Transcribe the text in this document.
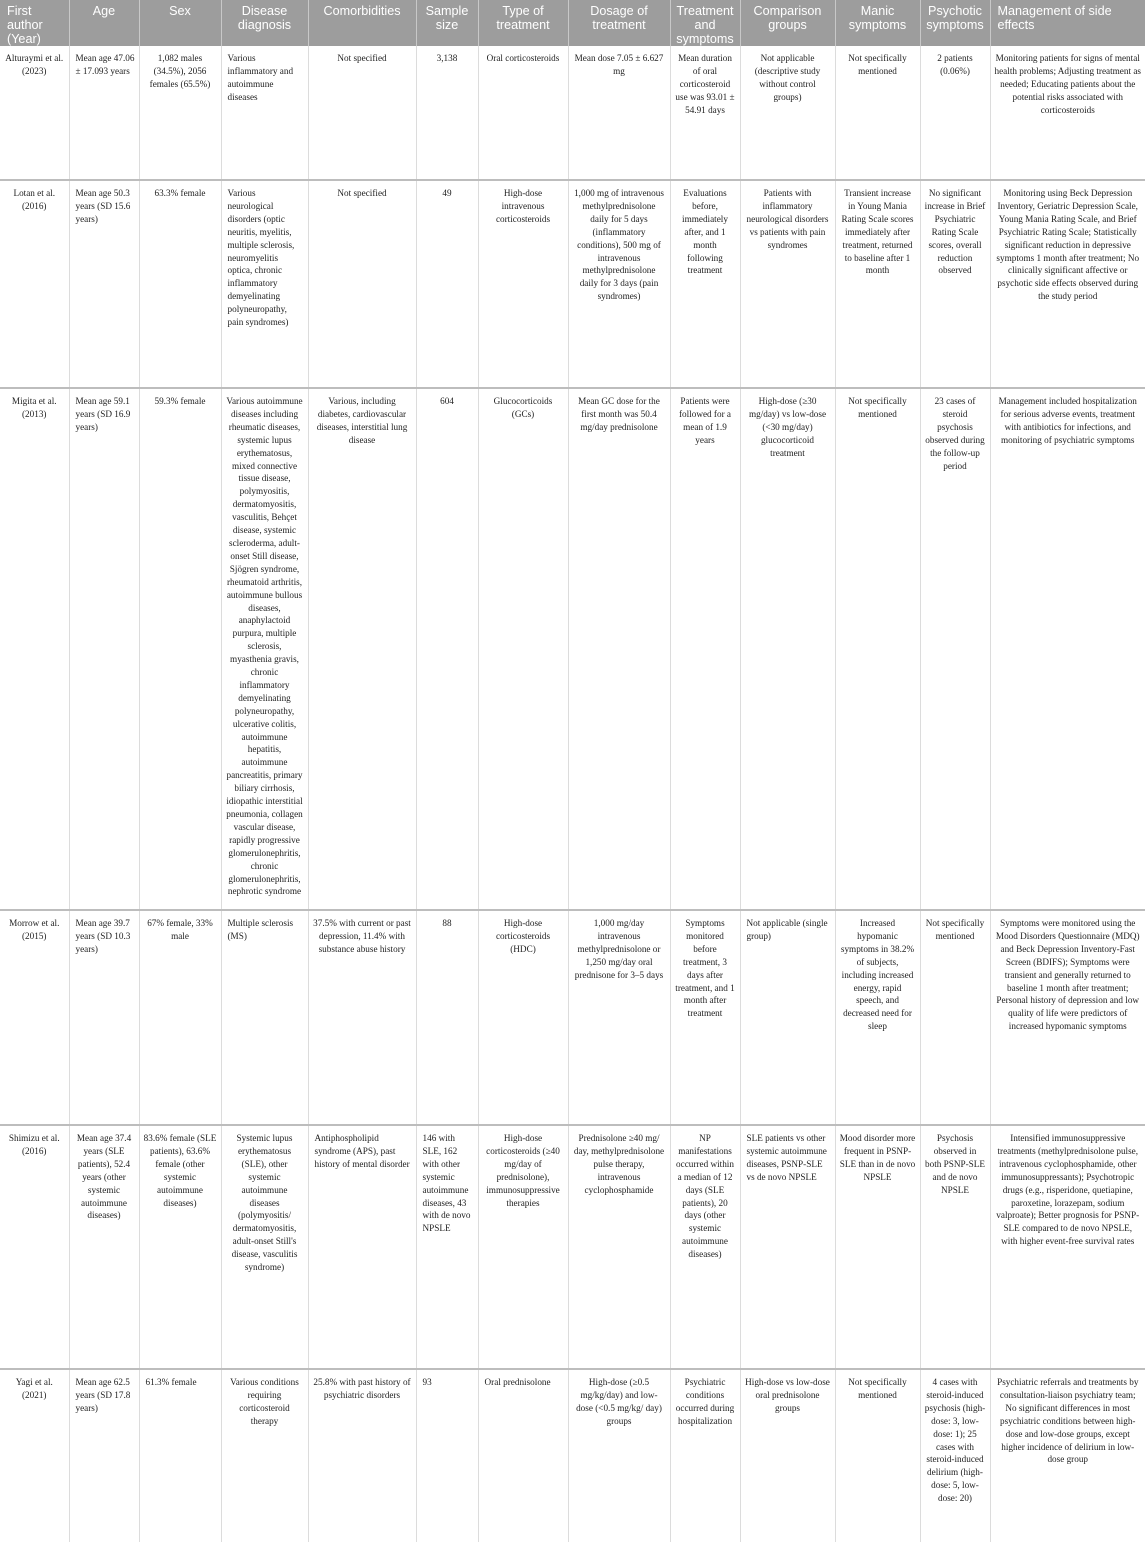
First author (Year)	Age	Sex	Disease diagnosis	Comorbidities	Sample size	Type of treatment	Dosage of treatment	Treatment and symptoms	Comparison groups	Manic symptoms	Psychotic symptoms	Management of side effects
Alturaymi et al. (2023)	Mean age 47.06 ± 17.093 years	1,082 males (34.5%), 2056 females (65.5%)	Various inflammatory and autoimmune diseases	Not specified	3,138	Oral corticosteroids	Mean dose 7.05 ± 6.627 mg	Mean duration of oral corticosteroid use was 93.01 ± 54.91 days	Not applicable (descriptive study without control groups)	Not specifically mentioned	2 patients (0.06%)	Monitoring patients for signs of mental health problems; Adjusting treatment as needed; Educating patients about the potential risks associated with corticosteroids
Lotan et al. (2016)	Mean age 50.3 years (SD 15.6 years)	63.3% female	Various neurological disorders (optic neuritis, myelitis, multiple sclerosis, neuromyelitis optica, chronic inflammatory demyelinating polyneuropathy, pain syndromes)	Not specified	49	High-dose intravenous corticosteroids	1,000 mg of intravenous methylprednisolone daily for 5 days (inflammatory conditions), 500 mg of intravenous methylprednisolone daily for 3 days (pain syndromes)	Evaluations before, immediately after, and 1 month following treatment	Patients with inflammatory neurological disorders vs patients with pain syndromes	Transient increase in Young Mania Rating Scale scores immediately after treatment, returned to baseline after 1 month	No significant increase in Brief Psychiatric Rating Scale scores, overall reduction observed	Monitoring using Beck Depression Inventory, Geriatric Depression Scale, Young Mania Rating Scale, and Brief Psychiatric Rating Scale; Statistically significant reduction in depressive symptoms 1 month after treatment; No clinically significant affective or psychotic side effects observed during the study period
Migita et al. (2013)	Mean age 59.1 years (SD 16.9 years)	59.3% female	Various autoimmune diseases including rheumatic diseases, systemic lupus erythematosus, mixed connective tissue disease, polymyositis, dermatomyositis, vasculitis, Behçet disease, systemic scleroderma, adult-onset Still disease, Sjögren syndrome, rheumatoid arthritis, autoimmune bullous diseases, anaphylactoid purpura, multiple sclerosis, myasthenia gravis, chronic inflammatory demyelinating polyneuropathy, ulcerative colitis, autoimmune hepatitis, autoimmune pancreatitis, primary biliary cirrhosis, idiopathic interstitial pneumonia, collagen vascular disease, rapidly progressive glomerulonephritis, chronic glomerulonephritis, nephrotic syndrome	Various, including diabetes, cardiovascular diseases, interstitial lung disease	604	Glucocorticoids (GCs)	Mean GC dose for the first month was 50.4 mg/day prednisolone	Patients were followed for a mean of 1.9 years	High-dose (≥30 mg/day) vs low-dose (<30 mg/day) glucocorticoid treatment	Not specifically mentioned	23 cases of steroid psychosis observed during the follow-up period	Management included hospitalization for serious adverse events, treatment with antibiotics for infections, and monitoring of psychiatric symptoms
Morrow et al. (2015)	Mean age 39.7 years (SD 10.3 years)	67% female, 33% male	Multiple sclerosis (MS)	37.5% with current or past depression, 11.4% with substance abuse history	88	High-dose corticosteroids (HDC)	1,000 mg/day intravenous methylprednisolone or 1,250 mg/day oral prednisone for 3–5 days	Symptoms monitored before treatment, 3 days after treatment, and 1 month after treatment	Not applicable (single group)	Increased hypomanic symptoms in 38.2% of subjects, including increased energy, rapid speech, and decreased need for sleep	Not specifically mentioned	Symptoms were monitored using the Mood Disorders Questionnaire (MDQ) and Beck Depression Inventory-Fast Screen (BDIFS); Symptoms were transient and generally returned to baseline 1 month after treatment; Personal history of depression and low quality of life were predictors of increased hypomanic symptoms
Shimizu et al. (2016)	Mean age 37.4 years (SLE patients), 52.4 years (other systemic autoimmune diseases)	83.6% female (SLE patients), 63.6% female (other systemic autoimmune diseases)	Systemic lupus erythematosus (SLE), other systemic autoimmune diseases (polymyositis/ dermatomyositis, adult-onset Still's disease, vasculitis syndrome)	Antiphospholipid syndrome (APS), past history of mental disorder	146 with SLE, 162 with other systemic autoimmune diseases, 43 with de novo NPSLE	High-dose corticosteroids (≥40 mg/day of prednisolone), immunosuppressive therapies	Prednisolone ≥40 mg/ day, methylprednisolone pulse therapy, intravenous cyclophosphamide	NP manifestations occurred within a median of 12 days (SLE patients), 20 days (other systemic autoimmune diseases)	SLE patients vs other systemic autoimmune diseases, PSNP-SLE vs de novo NPSLE	Mood disorder more frequent in PSNP-SLE than in de novo NPSLE	Psychosis observed in both PSNP-SLE and de novo NPSLE	Intensified immunosuppressive treatments (methylprednisolone pulse, intravenous cyclophosphamide, other immunosuppressants); Psychotropic drugs (e.g., risperidone, quetiapine, paroxetine, lorazepam, sodium valproate); Better prognosis for PSNP-SLE compared to de novo NPSLE, with higher event-free survival rates
Yagi et al. (2021)	Mean age 62.5 years (SD 17.8 years)	61.3% female	Various conditions requiring corticosteroid therapy	25.8% with past history of psychiatric disorders	93	Oral prednisolone	High-dose (≥0.5 mg/kg/day) and low-dose (<0.5 mg/kg/ day) groups	Psychiatric conditions occurred during hospitalization	High-dose vs low-dose oral prednisolone groups	Not specifically mentioned	4 cases with steroid-induced psychosis (high-dose: 3, low-dose: 1); 25 cases with steroid-induced delirium (high-dose: 5, low-dose: 20)	Psychiatric referrals and treatments by consultation-liaison psychiatry team; No significant differences in most psychiatric conditions between high-dose and low-dose groups, except higher incidence of delirium in low-dose group
